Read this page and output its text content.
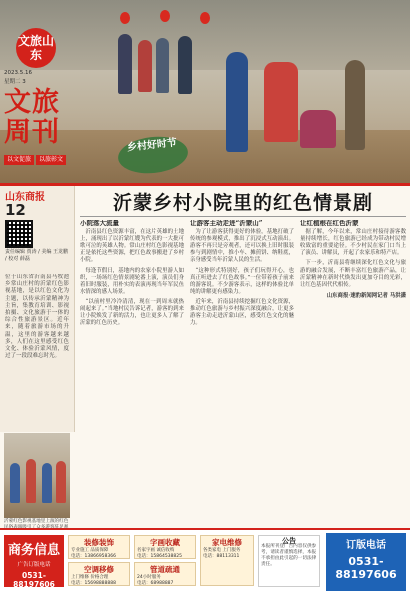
文旅山东
2023.5.16
星期二 3
文旅周刊
以文促旅	以旅彰文
乡村好时节
山东商报
12
责任编辑 贾涛 / 美编 王龙鹏 / 校对 薛磊
位于山东省沂南县马牧池乡常山庄村的沂蒙红色影视基地，是以红色文化为主题，以传承沂蒙精神为主旨，集教育培训、影视拍摄、文化旅游于一体的综合性旅游景区。近年来，随着旅游市场的升温，这里的游客越来越多，人们在这里感受红色文化、体验沂蒙风情，度过了一段段难忘时光。
沂蒙乡村小院里的红色情景剧
小院落大流量

沂南县红色资源丰富，在这片英雄的土地上，涌现出了以沂蒙红嫂为代表的一大批可歌可泣的英雄人物。常山庄村红色影视基地正是依托这些资源，把红色故事搬进了乡村小院。

每逢节假日，基地内的农家小院里游人如织，一场场红色情景剧轮番上演，演员们身着旧时服装，用朴实的表演再现当年军民鱼水情深的感人场景。

“以前村里冷冷清清，现在一到周末就热闹起来了。”当地村民告诉记者，游客的到来让小院焕发了新的活力，也让更多人了解了沂蒙的红色历史。

让游客主动走进“沂蒙山”

为了让游客获得更好的体验，基地打破了传统的参观模式，推出了沉浸式互动演出。游客不再只是旁观者，还可以换上旧时服装参与到剧情中，推小车、摊煎饼、纳鞋底，亲身感受当年沂蒙人民的生活。

“这种形式特别好，孩子们玩得开心，也真正听进去了红色故事。”一位带着孩子前来的游客说。不少游客表示，这样的体验比单纯的讲解更有感染力。

近年来，沂南县持续挖掘红色文化资源，推动红色旅游与乡村振兴深度融合，让更多游客主动走进沂蒙山区，感受红色文化的魅力。

让红植根在红色沂蒙

据了解，今年以来，常山庄村接待游客数量持续增长，红色旅游已经成为带动村民增收致富的重要途径。不少村民在家门口当上了演员、讲解员，开起了农家乐和特产店。

下一步，沂南县将继续深化红色文化与旅游的融合发展，不断丰富红色旅游产品，让沂蒙精神在新时代焕发出更加夺目的光彩，让红色基因代代相传。

山东商报·速豹新闻网记者 马洪潇

沂蒙红色影视基地里上演的红色
商务信息
广告订版电话
0531-88197606
装修装饰
专业施工 品质保障
电话：13866958366
字画收藏
名家字画 诚信收购
电话：15864538825
空调移修
上门维修 价格合理
电话：15698888888
管道疏通
24小时服务
电话：68988887
家电维修
各类家电 上门服务
电话：88113311
公告
本报所刊登广告内容仅供参考，请读者谨慎选择，本报不承担由此引起的一切法律责任。
订版电话
0531-
88197606
